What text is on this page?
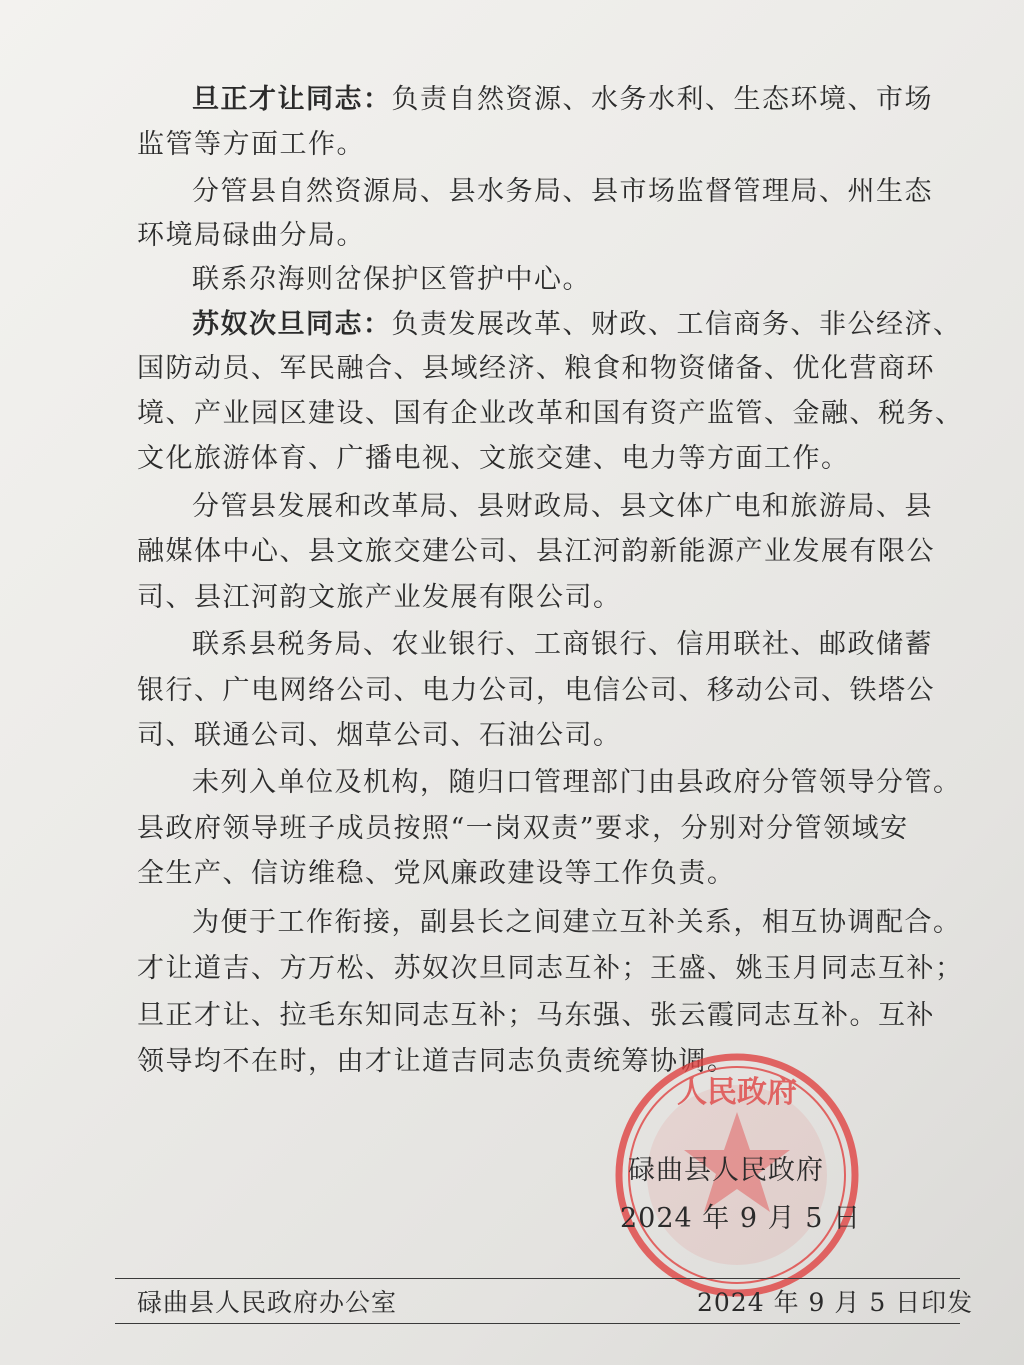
旦正才让同志：负责自然资源、水务水利、生态环境、市场
监管等方面工作。
分管县自然资源局、县水务局、县市场监督管理局、州生态
环境局碌曲分局。
联系尕海则岔保护区管护中心。
苏奴次旦同志：负责发展改革、财政、工信商务、非公经济、
国防动员、军民融合、县域经济、粮食和物资储备、优化营商环
境、产业园区建设、国有企业改革和国有资产监管、金融、税务、
文化旅游体育、广播电视、文旅交建、电力等方面工作。
分管县发展和改革局、县财政局、县文体广电和旅游局、县
融媒体中心、县文旅交建公司、县江河韵新能源产业发展有限公
司、县江河韵文旅产业发展有限公司。
联系县税务局、农业银行、工商银行、信用联社、邮政储蓄
银行、广电网络公司、电力公司，电信公司、移动公司、铁塔公
司、联通公司、烟草公司、石油公司。
未列入单位及机构，随归口管理部门由县政府分管领导分管。
县政府领导班子成员按照“一岗双责”要求，分别对分管领域安
全生产、信访维稳、党风廉政建设等工作负责。
为便于工作衔接，副县长之间建立互补关系，相互协调配合。
才让道吉、方万松、苏奴次旦同志互补；王盛、姚玉月同志互补；
旦正才让、拉毛东知同志互补；马东强、张云霞同志互补。互补
领导均不在时，由才让道吉同志负责统筹协调。
人民政府
碌曲县人民政府
2024 年 9 月 5 日
碌曲县人民政府办公室	2024 年 9 月 5 日印发
